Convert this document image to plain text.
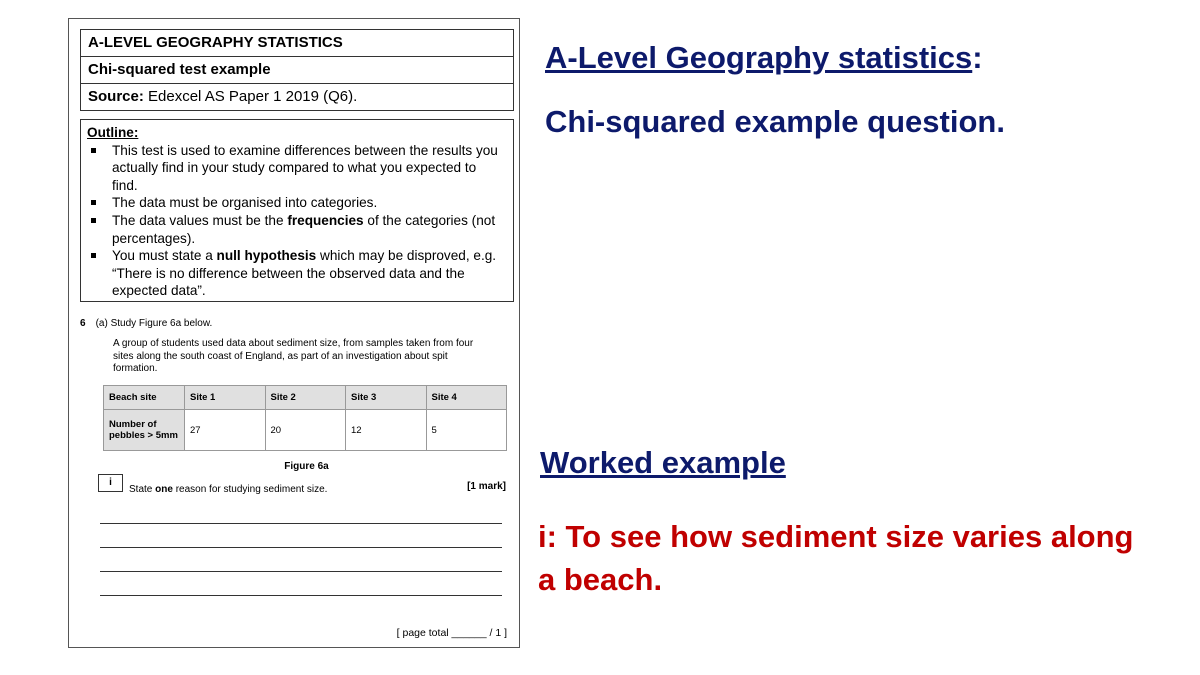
A-LEVEL GEOGRAPHY STATISTICS
Chi-squared test example
Source: Edexcel AS Paper 1 2019 (Q6).
Outline:
This test is used to examine differences between the results you actually find in your study compared to what you expected to find.
The data must be organised into categories.
The data values must be the frequencies of the categories (not percentages).
You must state a null hypothesis which may be disproved, e.g. “There is no difference between the observed data and the expected data”.
6 (a) Study Figure 6a below.
A group of students used data about sediment size, from samples taken from four sites along the south coast of England, as part of an investigation about spit formation.
Beach site	Site 1	Site 2	Site 3	Site 4
Number of pebbles > 5mm	27	20	12	5
Figure 6a
i
State one reason for studying sediment size.	[1 mark]
[ page total ______ / 1 ]
A-Level Geography statistics:
Chi-squared example question.
Worked example
i: To see how sediment size varies along a beach.
